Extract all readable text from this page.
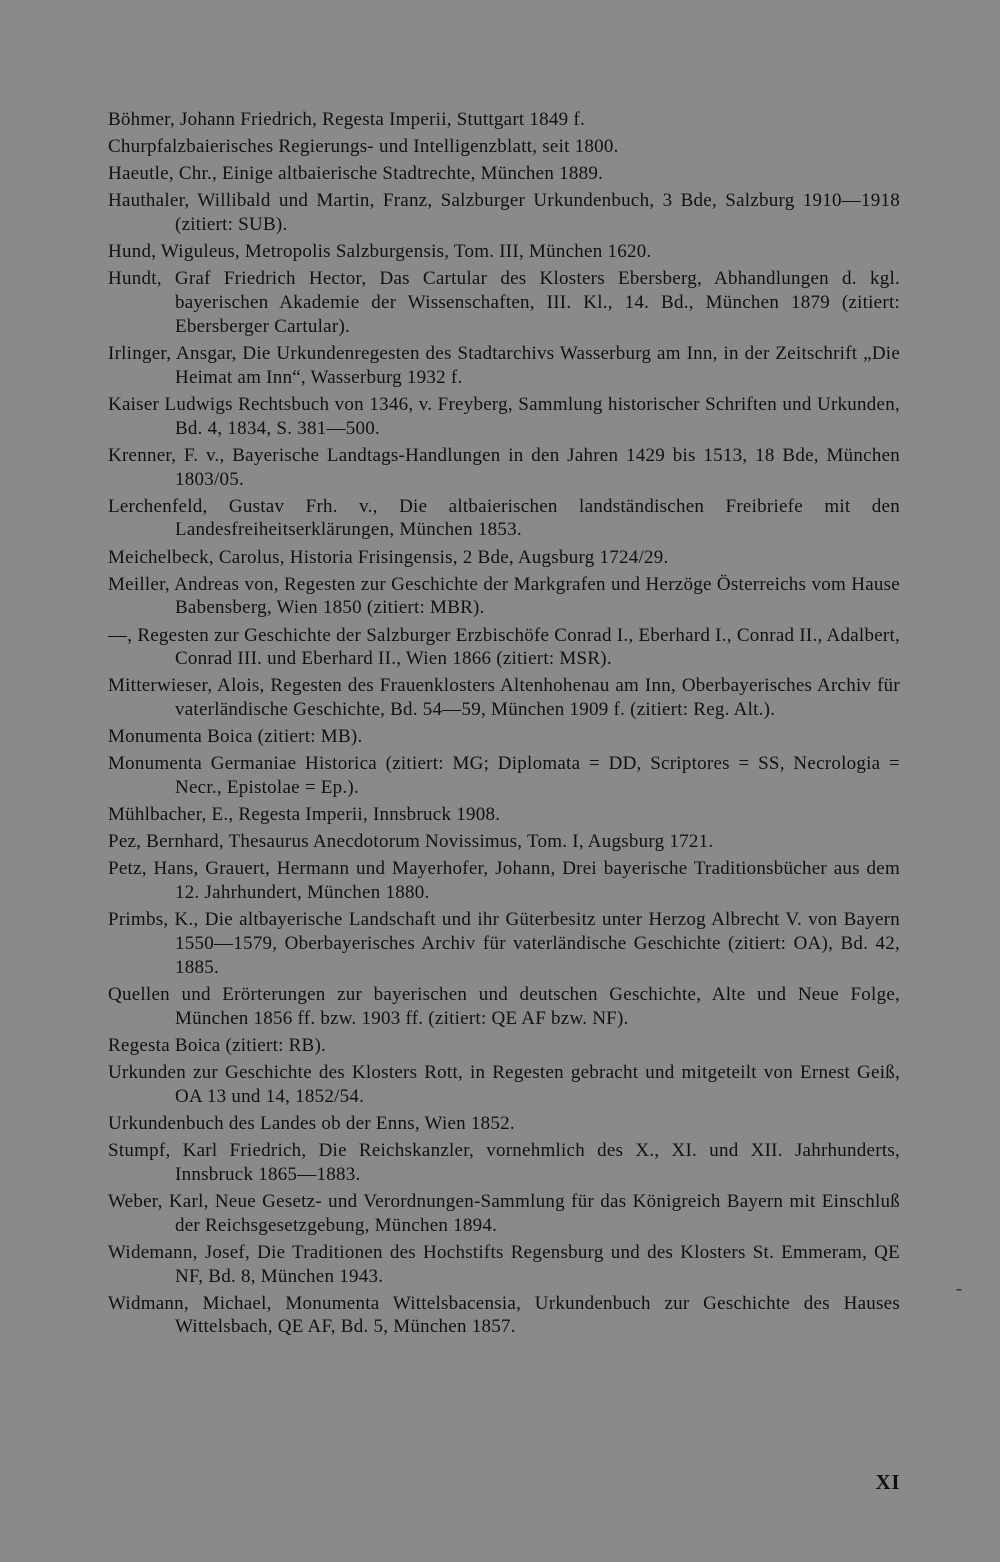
Böhmer, Johann Friedrich, Regesta Imperii, Stuttgart 1849 f.

Churpfalzbaierisches Regierungs- und Intelligenzblatt, seit 1800.

Haeutle, Chr., Einige altbaierische Stadtrechte, München 1889.

Hauthaler, Willibald und Martin, Franz, Salzburger Urkundenbuch, 3 Bde, Salzburg 1910—1918 (zitiert: SUB).

Hund, Wiguleus, Metropolis Salzburgensis, Tom. III, München 1620.

Hundt, Graf Friedrich Hector, Das Cartular des Klosters Ebersberg, Abhandlungen d. kgl. bayerischen Akademie der Wissenschaften, III. Kl., 14. Bd., München 1879 (zitiert: Ebersberger Cartular).

Irlinger, Ansgar, Die Urkundenregesten des Stadtarchivs Wasserburg am Inn, in der Zeitschrift „Die Heimat am Inn“, Wasserburg 1932 f.

Kaiser Ludwigs Rechtsbuch von 1346, v. Freyberg, Sammlung historischer Schriften und Urkunden, Bd. 4, 1834, S. 381—500.

Krenner, F. v., Bayerische Landtags-Handlungen in den Jahren 1429 bis 1513, 18 Bde, München 1803/05.

Lerchenfeld, Gustav Frh. v., Die altbaierischen landständischen Freibriefe mit den Landesfreiheitserklärungen, München 1853.

Meichelbeck, Carolus, Historia Frisingensis, 2 Bde, Augsburg 1724/29.

Meiller, Andreas von, Regesten zur Geschichte der Markgrafen und Herzöge Österreichs vom Hause Babensberg, Wien 1850 (zitiert: MBR).

—, Regesten zur Geschichte der Salzburger Erzbischöfe Conrad I., Eberhard I., Conrad II., Adalbert, Conrad III. und Eberhard II., Wien 1866 (zitiert: MSR).

Mitterwieser, Alois, Regesten des Frauenklosters Altenhohenau am Inn, Oberbayerisches Archiv für vaterländische Geschichte, Bd. 54—59, München 1909 f. (zitiert: Reg. Alt.).

Monumenta Boica (zitiert: MB).

Monumenta Germaniae Historica (zitiert: MG; Diplomata = DD, Scriptores = SS, Necrologia = Necr., Epistolae = Ep.).

Mühlbacher, E., Regesta Imperii, Innsbruck 1908.

Pez, Bernhard, Thesaurus Anecdotorum Novissimus, Tom. I, Augsburg 1721.

Petz, Hans, Grauert, Hermann und Mayerhofer, Johann, Drei bayerische Traditionsbücher aus dem 12. Jahrhundert, München 1880.

Primbs, K., Die altbayerische Landschaft und ihr Güterbesitz unter Herzog Albrecht V. von Bayern 1550—1579, Oberbayerisches Archiv für vaterländische Geschichte (zitiert: OA), Bd. 42, 1885.

Quellen und Erörterungen zur bayerischen und deutschen Geschichte, Alte und Neue Folge, München 1856 ff. bzw. 1903 ff. (zitiert: QE AF bzw. NF).

Regesta Boica (zitiert: RB).

Urkunden zur Geschichte des Klosters Rott, in Regesten gebracht und mitgeteilt von Ernest Geiß, OA 13 und 14, 1852/54.

Urkundenbuch des Landes ob der Enns, Wien 1852.

Stumpf, Karl Friedrich, Die Reichskanzler, vornehmlich des X., XI. und XII. Jahrhunderts, Innsbruck 1865—1883.

Weber, Karl, Neue Gesetz- und Verordnungen-Sammlung für das Königreich Bayern mit Einschluß der Reichsgesetzgebung, München 1894.

Widemann, Josef, Die Traditionen des Hochstifts Regensburg und des Klosters St. Emmeram, QE NF, Bd. 8, München 1943.

Widmann, Michael, Monumenta Wittelsbacensia, Urkundenbuch zur Geschichte des Hauses Wittelsbach, QE AF, Bd. 5, München 1857.

-
XI
